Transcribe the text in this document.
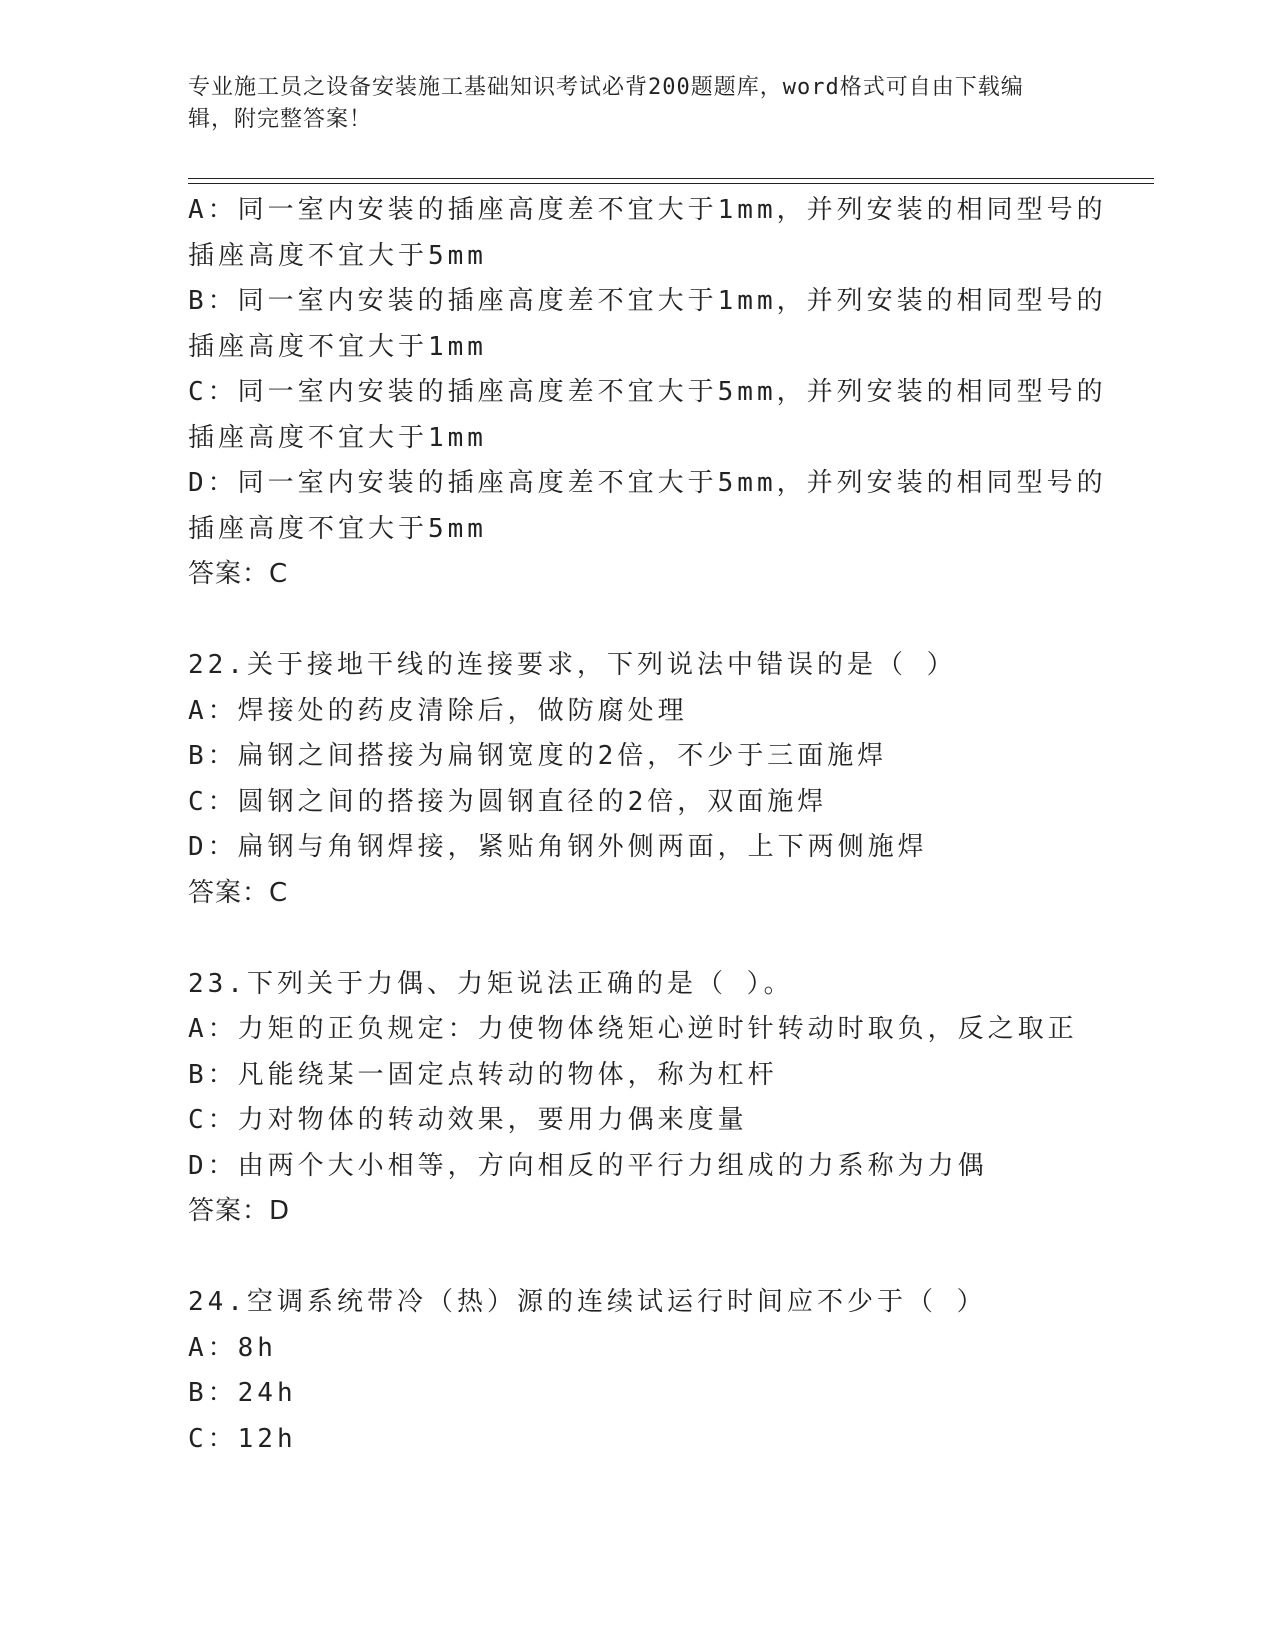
专业施工员之设备安装施工基础知识考试必背200题题库，word格式可自由下载编辑，附完整答案！
A：同一室内安装的插座高度差不宜大于1mm，并列安装的相同型号的
插座高度不宜大于5mm
B：同一室内安装的插座高度差不宜大于1mm，并列安装的相同型号的
插座高度不宜大于1mm
C：同一室内安装的插座高度差不宜大于5mm，并列安装的相同型号的
插座高度不宜大于1mm
D：同一室内安装的插座高度差不宜大于5mm，并列安装的相同型号的
插座高度不宜大于5mm
答案：C
22.关于接地干线的连接要求，下列说法中错误的是（ ）
A：焊接处的药皮清除后，做防腐处理
B：扁钢之间搭接为扁钢宽度的2倍，不少于三面施焊
C：圆钢之间的搭接为圆钢直径的2倍，双面施焊
D：扁钢与角钢焊接，紧贴角钢外侧两面，上下两侧施焊
答案：C
23.下列关于力偶、力矩说法正确的是（ ）。
A：力矩的正负规定：力使物体绕矩心逆时针转动时取负，反之取正
B：凡能绕某一固定点转动的物体，称为杠杆
C：力对物体的转动效果，要用力偶来度量
D：由两个大小相等，方向相反的平行力组成的力系称为力偶
答案：D
24.空调系统带冷（热）源的连续试运行时间应不少于（ ）
A：8h
B：24h
C：12h
